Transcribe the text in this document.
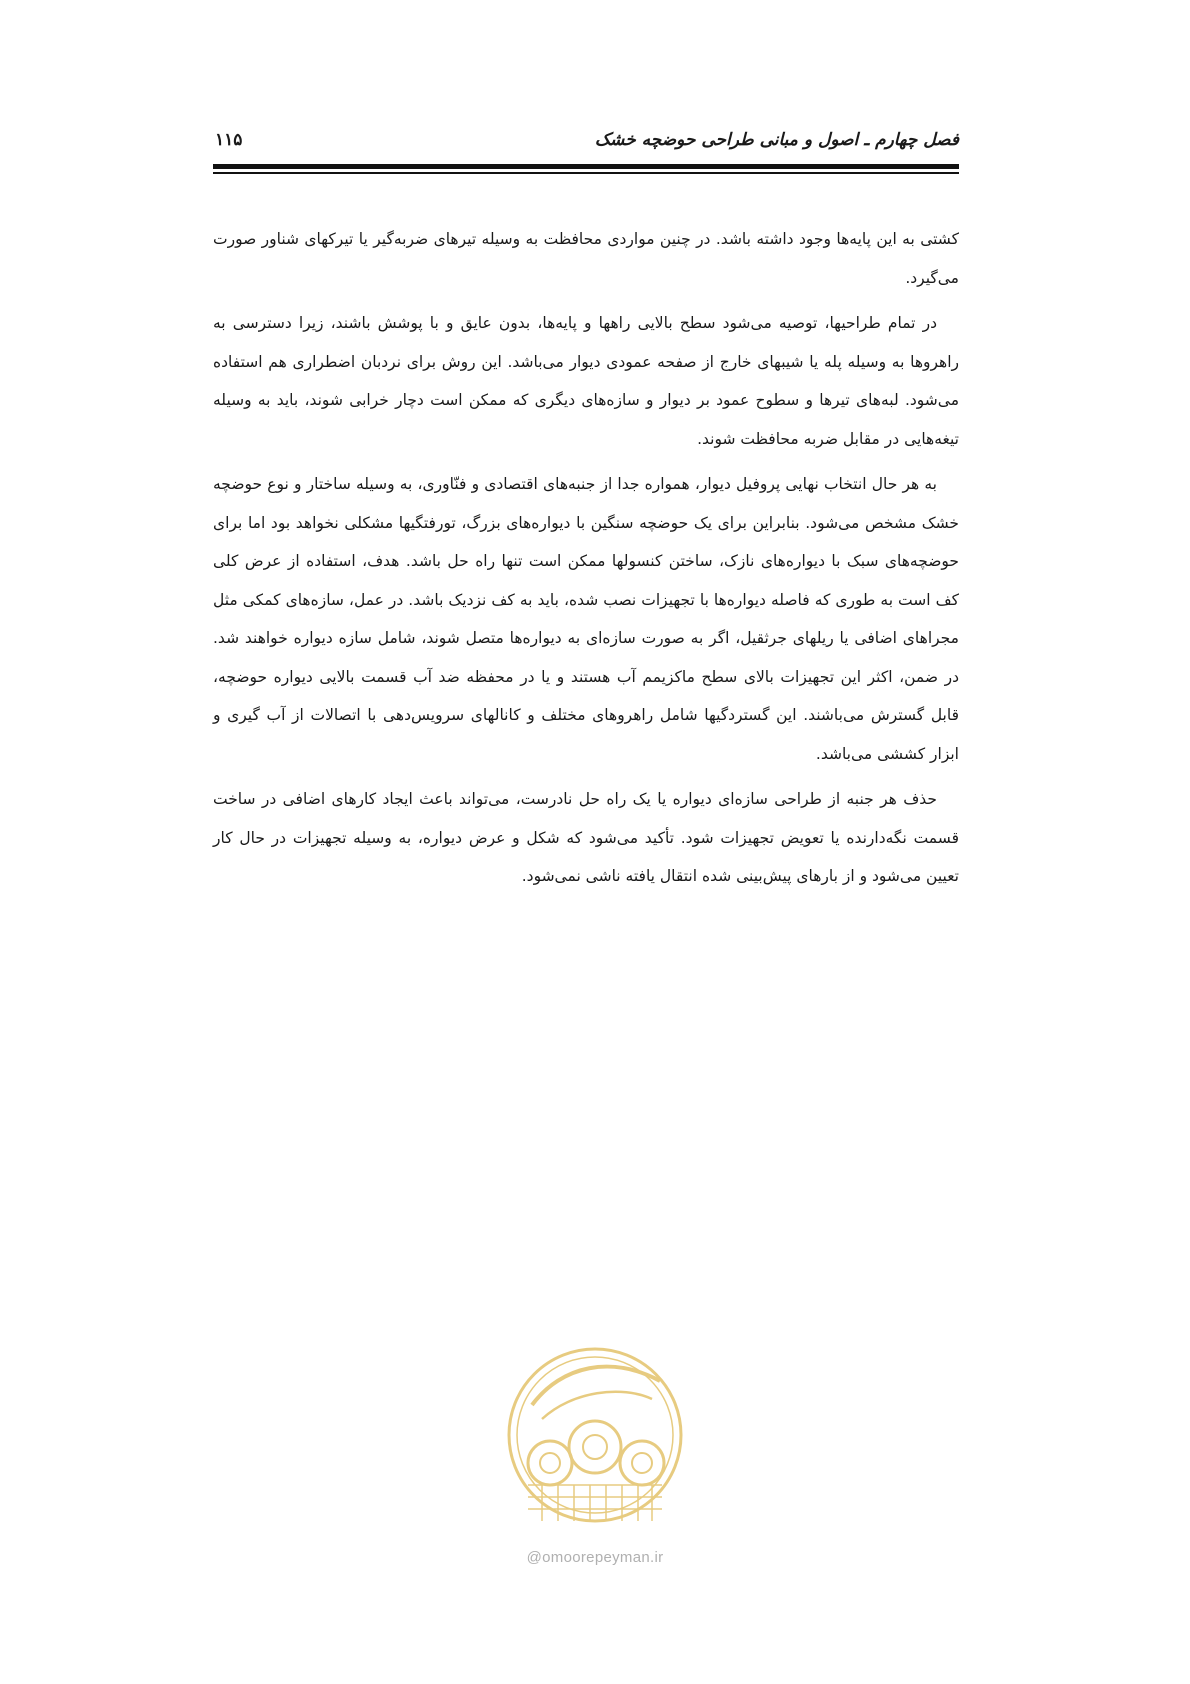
فصل چهارم ـ اصول و مبانی طراحی حوضچه خشک
۱۱۵

کشتی به این پایه‌ها وجود داشته باشد. در چنین مواردی محافظت به وسیله تیرهای ضربه‌گیر یا تیرکهای شناور صورت می‌گیرد.

در تمام طراحیها، توصیه می‌شود سطح بالایی راهها و پایه‌ها، بدون عایق و با پوشش باشند، زیرا دسترسی به راهروها به وسیله پله یا شیبهای خارج از صفحه عمودی دیوار می‌باشد. این روش برای نردبان اضطراری هم استفاده می‌شود. لبه‌های تیرها و سطوح عمود بر دیوار و سازه‌های دیگری که ممکن است دچار خرابی شوند، باید به وسیله تیغه‌هایی در مقابل ضربه محافظت شوند.

به هر حال انتخاب نهایی پروفیل دیوار، همواره جدا از جنبه‌های اقتصادی و فنّاوری، به وسیله ساختار و نوع حوضچه خشک مشخص می‌شود. بنابراین برای یک حوضچه سنگین با دیواره‌های بزرگ، تورفتگیها مشکلی نخواهد بود اما برای حوضچه‌های سبک با دیواره‌های نازک، ساختن کنسولها ممکن است تنها راه حل باشد. هدف، استفاده از عرض کلی کف است به طوری که فاصله دیواره‌ها با تجهیزات نصب شده، باید به کف نزدیک باشد. در عمل، سازه‌های کمکی مثل مجراهای اضافی یا ریلهای جرثقیل، اگر به صورت سازه‌ای به دیواره‌ها متصل شوند، شامل سازه دیواره خواهند شد. در ضمن، اکثر این تجهیزات بالای سطح ماکزیمم آب هستند و یا در محفظه ضد آب قسمت بالایی دیواره حوضچه، قابل گسترش می‌باشند. این گستردگیها شامل راهروهای مختلف و کانالهای سرویس‌دهی با اتصالات از آب گیری و ابزار کششی می‌باشد.

حذف هر جنبه از طراحی سازه‌ای دیواره یا یک راه حل نادرست، می‌تواند باعث ایجاد کارهای اضافی در ساخت قسمت نگه‌دارنده یا تعویض تجهیزات شود. تأکید می‌شود که شکل و عرض دیواره، به وسیله تجهیزات در حال کار تعیین می‌شود و از بارهای پیش‌بینی شده انتقال یافته ناشی نمی‌شود.

@omoorepeyman.ir
